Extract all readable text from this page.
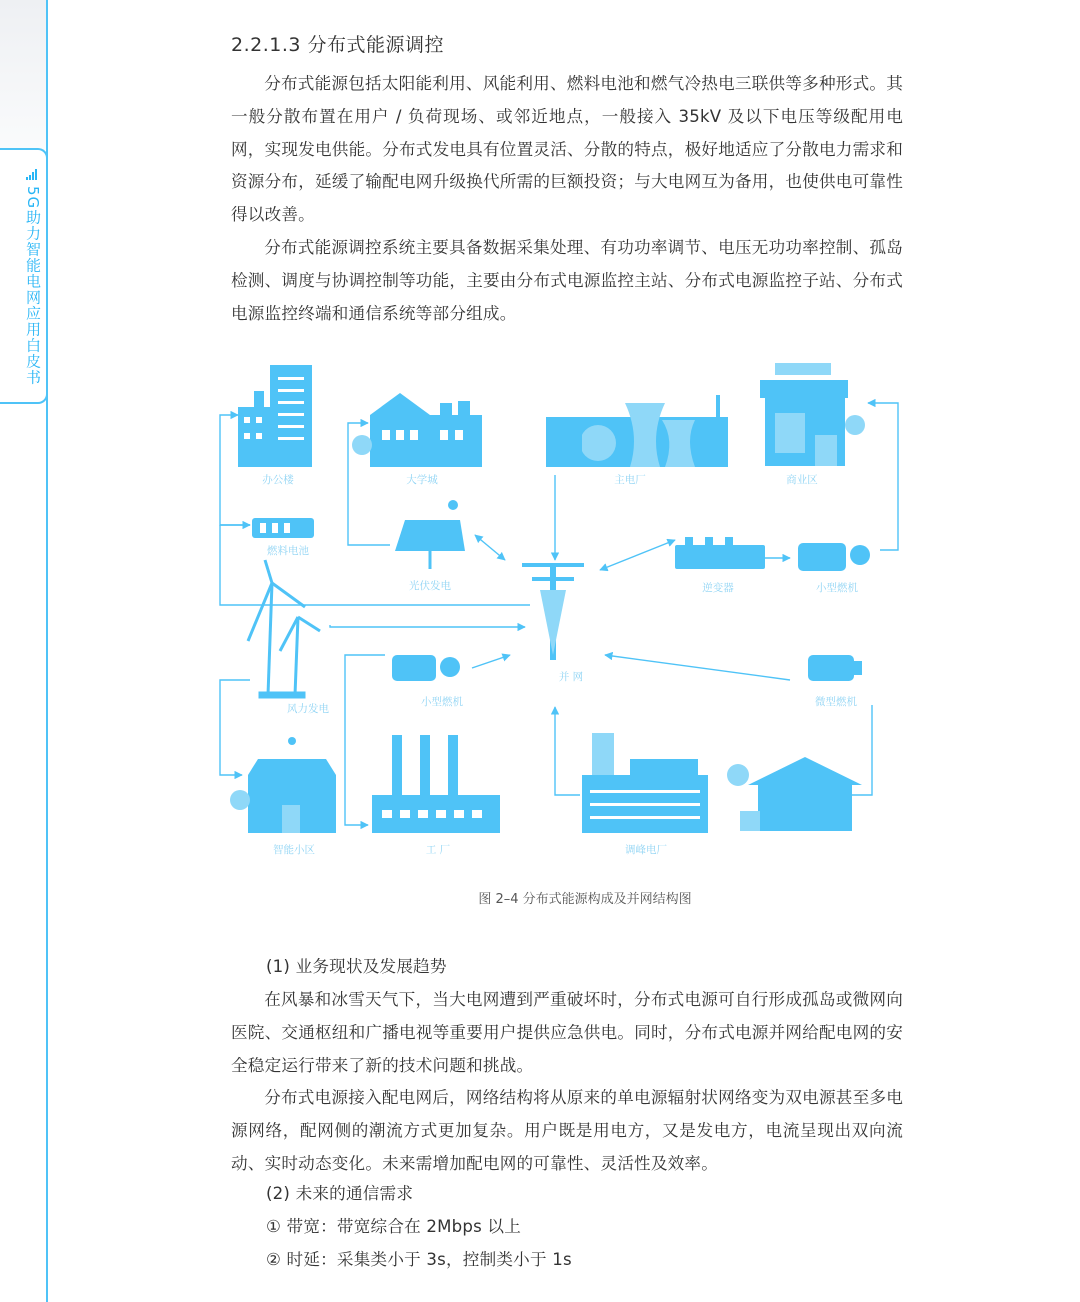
5G助力智能电网应用白皮书
2.2.1.3 分布式能源调控
分布式能源包括太阳能利用、风能利用、燃料电池和燃气冷热电三联供等多种形式。其一般分散布置在用户 / 负荷现场、或邻近地点，一般接入 35kV 及以下电压等级配用电网，实现发电供能。分布式发电具有位置灵活、分散的特点，极好地适应了分散电力需求和资源分布，延缓了输配电网升级换代所需的巨额投资；与大电网互为备用，也使供电可靠性得以改善。
分布式能源调控系统主要具备数据采集处理、有功功率调节、电压无功功率控制、孤岛检测、调度与协调控制等功能，主要由分布式电源监控主站、分布式电源监控子站、分布式电源监控终端和通信系统等部分组成。
办公楼	大学城	主电厂	商业区
燃料电池
光伏发电	逆变器	小型燃机
风力发电
小型燃机
并 网
微型燃机
智能小区	工 厂	调峰电厂
图 2–4 分布式能源构成及并网结构图
(1) 业务现状及发展趋势
在风暴和冰雪天气下，当大电网遭到严重破坏时，分布式电源可自行形成孤岛或微网向医院、交通枢纽和广播电视等重要用户提供应急供电。同时，分布式电源并网给配电网的安全稳定运行带来了新的技术问题和挑战。
分布式电源接入配电网后，网络结构将从原来的单电源辐射状网络变为双电源甚至多电源网络，配网侧的潮流方式更加复杂。用户既是用电方，又是发电方，电流呈现出双向流动、实时动态变化。未来需增加配电网的可靠性、灵活性及效率。
(2) 未来的通信需求
① 带宽：带宽综合在 2Mbps 以上
② 时延：采集类小于 3s，控制类小于 1s
